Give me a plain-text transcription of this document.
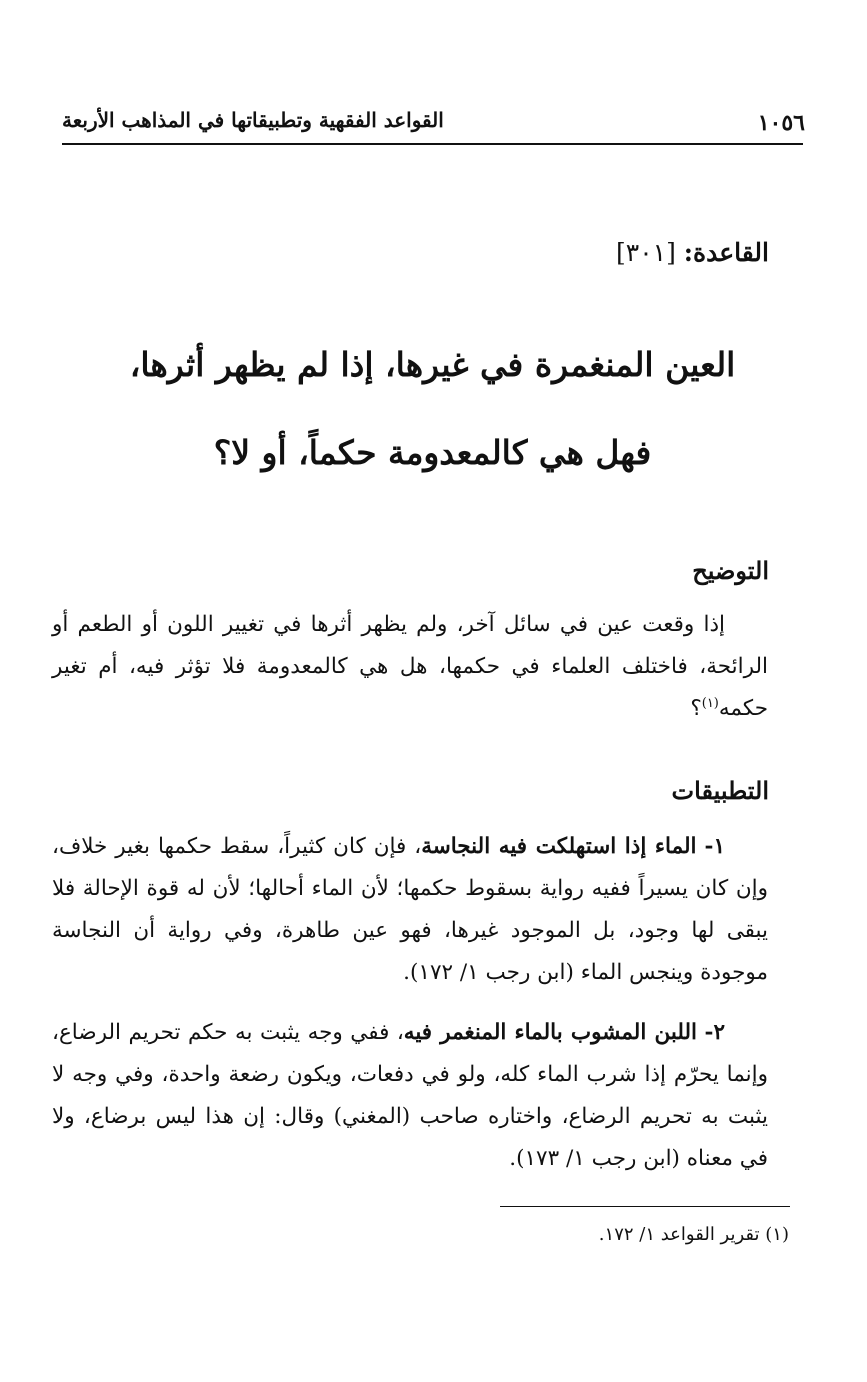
١٠٥٦
القواعد الفقهية وتطبيقاتها في المذاهب الأربعة
القاعدة: [٣٠١]
العين المنغمرة في غيرها، إذا لم يظهر أثرها،
فهل هي كالمعدومة حكماً، أو لا؟
التوضيح
  إذا وقعت عين في سائل آخر، ولم يظهر أثرها في تغيير اللون أو الطعم أو الرائحة، فاختلف العلماء في حكمها، هل هي كالمعدومة فلا تؤثر فيه، أم تغير حكمه$^{(١)}$؟
التطبيقات
  ١- الماء إذا استهلكت فيه النجاسة، فإن كان كثيراً، سقط حكمها بغير خلاف، وإن كان يسيراً ففيه رواية بسقوط حكمها؛ لأن الماء أحالها؛ لأن له قوة الإحالة فلا يبقى لها وجود، بل الموجود غيرها، فهو عين طاهرة، وفي رواية أن النجاسة موجودة وينجس الماء (ابن رجب ١/ ١٧٢).
  ٢- اللبن المشوب بالماء المنغمر فيه، ففي وجه يثبت به حكم تحريم الرضاع، وإنما يحرّم إذا شرب الماء كله، ولو في دفعات، ويكون رضعة واحدة، وفي وجه لا يثبت به تحريم الرضاع، واختاره صاحب (المغني) وقال: إن هذا ليس برضاع، ولا في معناه (ابن رجب ١/ ١٧٣).
(١) تقرير القواعد ١/ ١٧٢.
